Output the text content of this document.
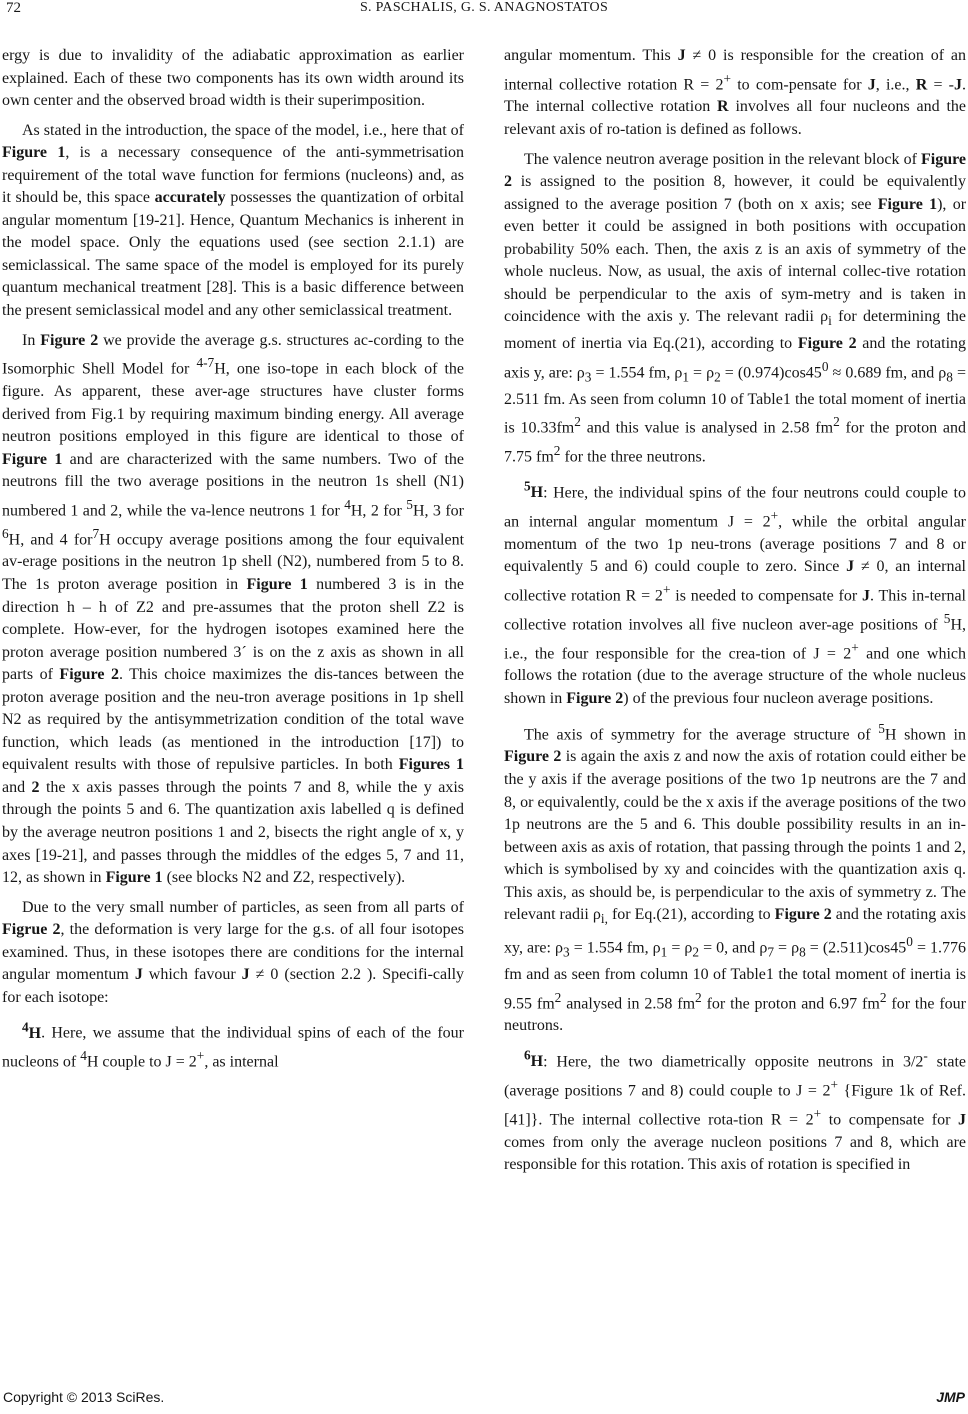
72	S. PASCHALIS, G. S. ANAGNOSTATOS

ergy is due to invalidity of the adiabatic approximation as earlier explained. Each of these two components has its own width around its own center and the observed broad width is their superimposition.

As stated in the introduction, the space of the model, i.e., here that of Figure 1, is a necessary consequence of the anti-symmetrisation requirement of the total wave function for fermions (nucleons) and, as it should be, this space accurately possesses the quantization of orbital angular momentum [19-21]. Hence, Quantum Mechanics is inherent in the model space. Only the equations used (see section 2.1.1) are semiclassical. The same space of the model is employed for its purely quantum mechanical treatment [28]. This is a basic difference between the present semiclassical model and any other semiclassical treatment.

In Figure 2 we provide the average g.s. structures ac-cording to the Isomorphic Shell Model for $^{4-7}$H, one iso-tope in each block of the figure. As apparent, these aver-age structures have cluster forms derived from Fig.1 by requiring maximum binding energy. All average neutron positions employed in this figure are identical to those of Figure 1 and are characterized with the same numbers. Two of the neutrons fill the two average positions in the neutron 1s shell (N1) numbered 1 and 2, while the va-lence neutrons 1 for $^4$H, 2 for $^5$H, 3 for $^6$H, and 4 for$^7$H occupy average positions among the four equivalent av-erage positions in the neutron 1p shell (N2), numbered from 5 to 8. The 1s proton average position in Figure 1 numbered 3 is in the direction h – h of Z2 and pre-assumes that the proton shell Z2 is complete. How-ever, for the hydrogen isotopes examined here the proton average position numbered 3´ is on the z axis as shown in all parts of Figure 2. This choice maximizes the dis-tances between the proton average position and the neu-tron average positions in 1p shell N2 as required by the antisymmetrization condition of the total wave function, which leads (as mentioned in the introduction [17]) to equivalent results with those of repulsive particles. In both Figures 1 and 2 the x axis passes through the points 7 and 8, while the y axis through the points 5 and 6. The quantization axis labelled q is defined by the average neutron positions 1 and 2, bisects the right angle of x, y axes [19-21], and passes through the middles of the edges 5, 7 and 11, 12, as shown in Figure 1 (see blocks N2 and Z2, respectively).

Due to the very small number of particles, as seen from all parts of Figrue 2, the deformation is very large for the g.s. of all four isotopes examined. Thus, in these isotopes there are conditions for the internal angular momentum J which favour J ≠ 0 (section 2.2 ). Specifi-cally for each isotope:

$^4$H. Here, we assume that the individual spins of each of the four nucleons of $^4$H couple to J = 2+, as internal

angular momentum. This J ≠ 0 is responsible for the creation of an internal collective rotation R = 2+ to com-pensate for J, i.e., R = -J. The internal collective rotation R involves all four nucleons and the relevant axis of ro-tation is defined as follows.

The valence neutron average position in the relevant block of Figure 2 is assigned to the position 8, however, it could be equivalently assigned to the average position 7 (both on x axis; see Figure 1), or even better it could be assigned in both positions with occupation probability 50% each. Then, the axis z is an axis of symmetry of the whole nucleus. Now, as usual, the axis of internal collec-tive rotation should be perpendicular to the axis of sym-metry and is taken in coincidence with the axis y. The relevant radii $\rho_i$ for determining the moment of inertia via Eq.(21), according to Figure 2 and the rotating axis y, are: $\rho_3 = 1.554$ fm, $\rho_1 = \rho_2 = (0.974)\cos 45^0 \approx 0.689$ fm, and $\rho_8 = 2.511$ fm. As seen from column 10 of Table1 the total moment of inertia is $10.33fm^2$ and this value is analysed in 2.58 $fm^2$ for the proton and 7.75 $fm^2$ for the three neutrons.

$^5$H: Here, the individual spins of the four neutrons could couple to an internal angular momentum J = 2+, while the orbital angular momentum of the two 1p neu-trons (average positions 7 and 8 or equivalently 5 and 6) could couple to zero. Since J ≠ 0, an internal collective rotation R = 2+ is needed to compensate for J. This in-ternal collective rotation involves all five nucleon aver-age positions of $^5$H, i.e., the four responsible for the crea-tion of J = 2+ and one which follows the rotation (due to the average structure of the whole nucleus shown in Figure 2) of the previous four nucleon average positions.

The axis of symmetry for the average structure of $^5$H shown in Figure 2 is again the axis z and now the axis of rotation could either be the y axis if the average positions of the two 1p neutrons are the 7 and 8, or equivalently, could be the x axis if the average positions of the two 1p neutrons are the 5 and 6. This double possibility results in an in-between axis as axis of rotation, that passing through the points 1 and 2, which is symbolised by xy and coincides with the quantization axis q. This axis, as should be, is perpendicular to the axis of symmetry z. The relevant radii $\rho_{i,}$ for Eq.(21), according to Figure 2 and the rotating axis xy, are: $\rho_3 = 1.554$ fm, $\rho_1 = \rho_2 = 0$, and $\rho_7 = \rho_8 = (2.511)\cos 45^0 = 1.776$ fm and as seen from column 10 of Table1 the total moment of inertia is 9.55 $fm^2$ analysed in 2.58 $fm^2$ for the proton and 6.97 $fm^2$ for the four neutrons.

$^6$H: Here, the two diametrically opposite neutrons in 3/2- state (average positions 7 and 8) could couple to J = 2+ {Figure 1k of Ref.[41]}. The internal collective rota-tion R = 2+ to compensate for J comes from only the average nucleon positions 7 and 8, which are responsible for this rotation. This axis of rotation is specified in

Copyright © 2013 SciRes.	JMP
